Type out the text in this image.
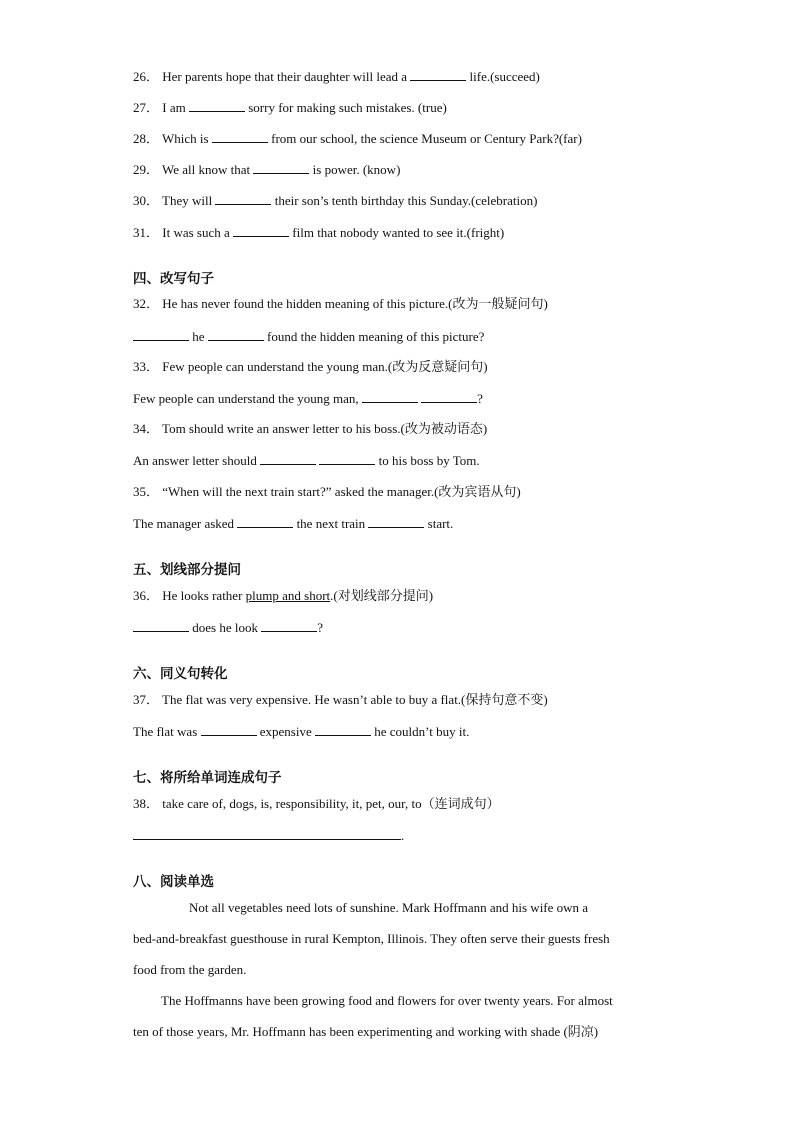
26． Her parents hope that their daughter will lead a	life.(succeed)
27． I am	sorry for making such mistakes. (true)
28． Which is	from our school, the science Museum or Century Park?(far)
29． We all know that	is power. (know)
30． They will	their son’s tenth birthday this Sunday.(celebration)
31． It was such a	film that nobody wanted to see it.(fright)
四、改写句子
32． He has never found the hidden meaning of this picture.(改为一般疑问句)
he	found the hidden meaning of this picture?
33． Few people can understand the young man.(改为反意疑问句)
Few people can understand the young man,	?
34． Tom should write an answer letter to his boss.(改为被动语态)
An answer letter should	to his boss by Tom.
35． “When will the next train start?” asked the manager.(改为宾语从句)
The manager asked	the next train	start.
五、划线部分提问
36． He looks rather plump and short.(对划线部分提问)
does he look	?
六、同义句转化
37． The flat was very expensive. He wasn’t able to buy a flat.(保持句意不变)
The flat was	expensive	he couldn’t buy it.
七、将所给单词连成句子
38． take care of, dogs, is, responsibility, it, pet, our, to（连词成句）
.
八、阅读单选
Not all vegetables need lots of sunshine. Mark Hoffmann and his wife own a
bed-and-breakfast guesthouse in rural Kempton, Illinois. They often serve their guests fresh
food from the garden.
The Hoffmanns have been growing food and flowers for over twenty years. For almost
ten of those years, Mr. Hoffmann has been experimenting and working with shade (阴凉)
